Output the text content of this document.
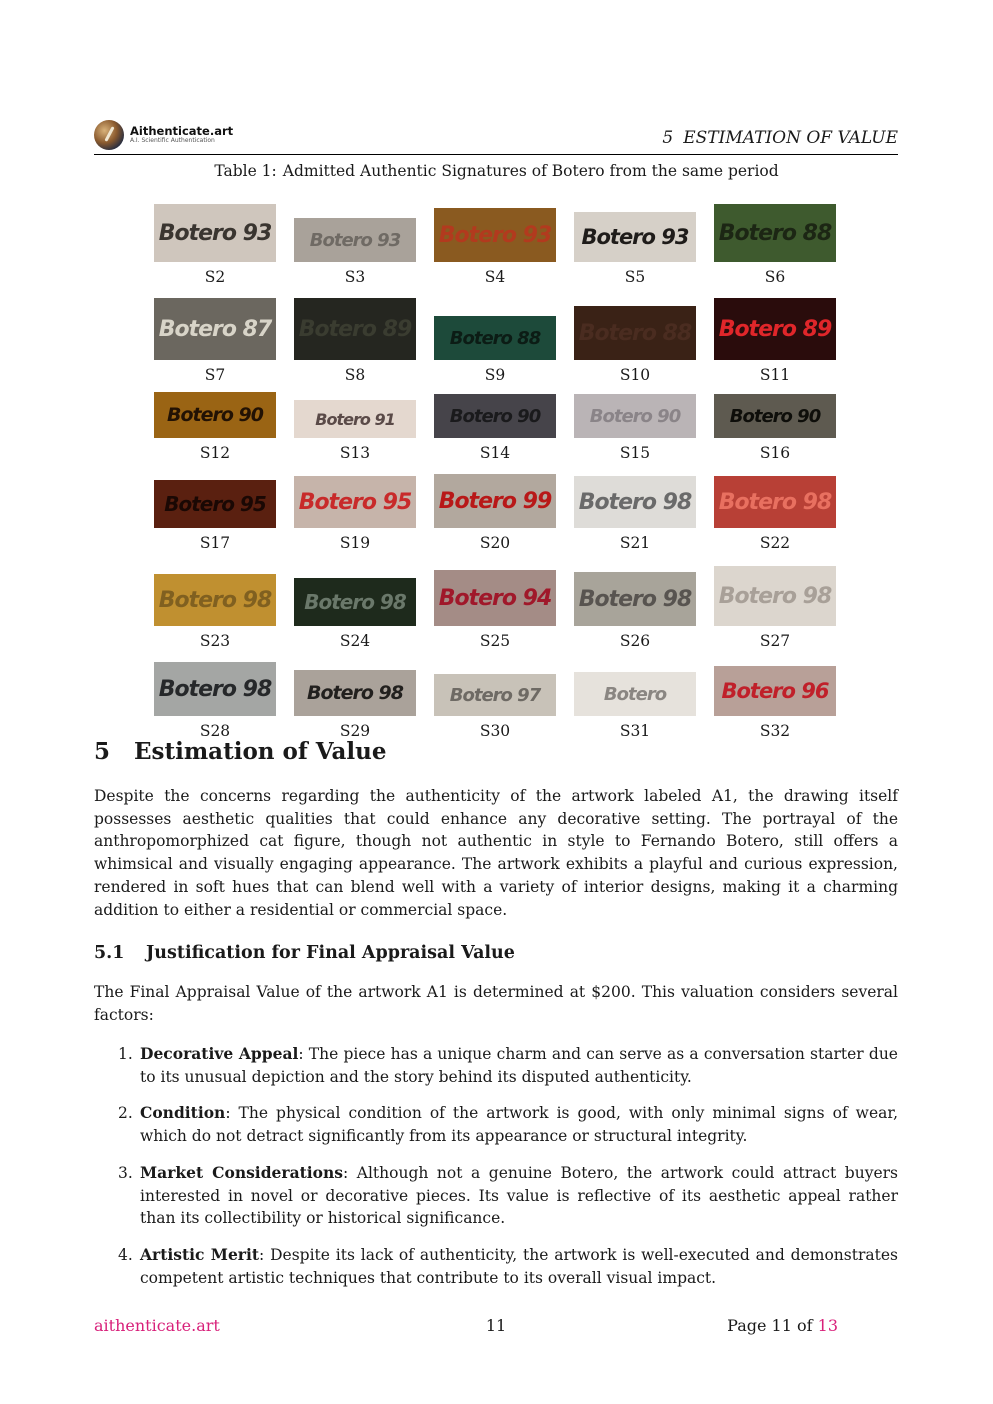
Aithenticate.art
A.I. Scientific Authentication	5 ESTIMATION OF VALUE
Table 1: Admitted Authentic Signatures of Botero from the same period
Botero 93
S2
Botero 93
S3
Botero 93
S4
Botero 93
S5
Botero 88
S6
Botero 87
S7
Botero 89
S8
Botero 88
S9
Botero 88
S10
Botero 89
S11
Botero 90
S12
Botero 91
S13
Botero 90
S14
Botero 90
S15
Botero 90
S16
Botero 95
S17
Botero 95
S19
Botero 99
S20
Botero 98
S21
Botero 98
S22
Botero 98
S23
Botero 98
S24
Botero 94
S25
Botero 98
S26
Botero 98
S27
Botero 98
S28
Botero 98
S29
Botero 97
S30
Botero
S31
Botero 96
S32
5 Estimation of Value

Despite the concerns regarding the authenticity of the artwork labeled A1, the drawing itself possesses aesthetic qualities that could enhance any decorative setting. The portrayal of the anthropomorphized cat figure, though not authentic in style to Fernando Botero, still offers a whimsical and visually engaging appearance. The artwork exhibits a playful and curious expression, rendered in soft hues that can blend well with a variety of interior designs, making it a charming addition to either a residential or commercial space.

5.1 Justification for Final Appraisal Value

The Final Appraisal Value of the artwork A1 is determined at $200. This valuation considers several factors:

1. Decorative Appeal: The piece has a unique charm and can serve as a conversation starter due to its unusual depiction and the story behind its disputed authenticity.
2. Condition: The physical condition of the artwork is good, with only minimal signs of wear, which do not detract significantly from its appearance or structural integrity.
3. Market Considerations: Although not a genuine Botero, the artwork could attract buyers interested in novel or decorative pieces. Its value is reflective of its aesthetic appeal rather than its collectibility or historical significance.
4. Artistic Merit: Despite its lack of authenticity, the artwork is well-executed and demonstrates competent artistic techniques that contribute to its overall visual impact.
aithenticate.art	11	Page 11 of 13
